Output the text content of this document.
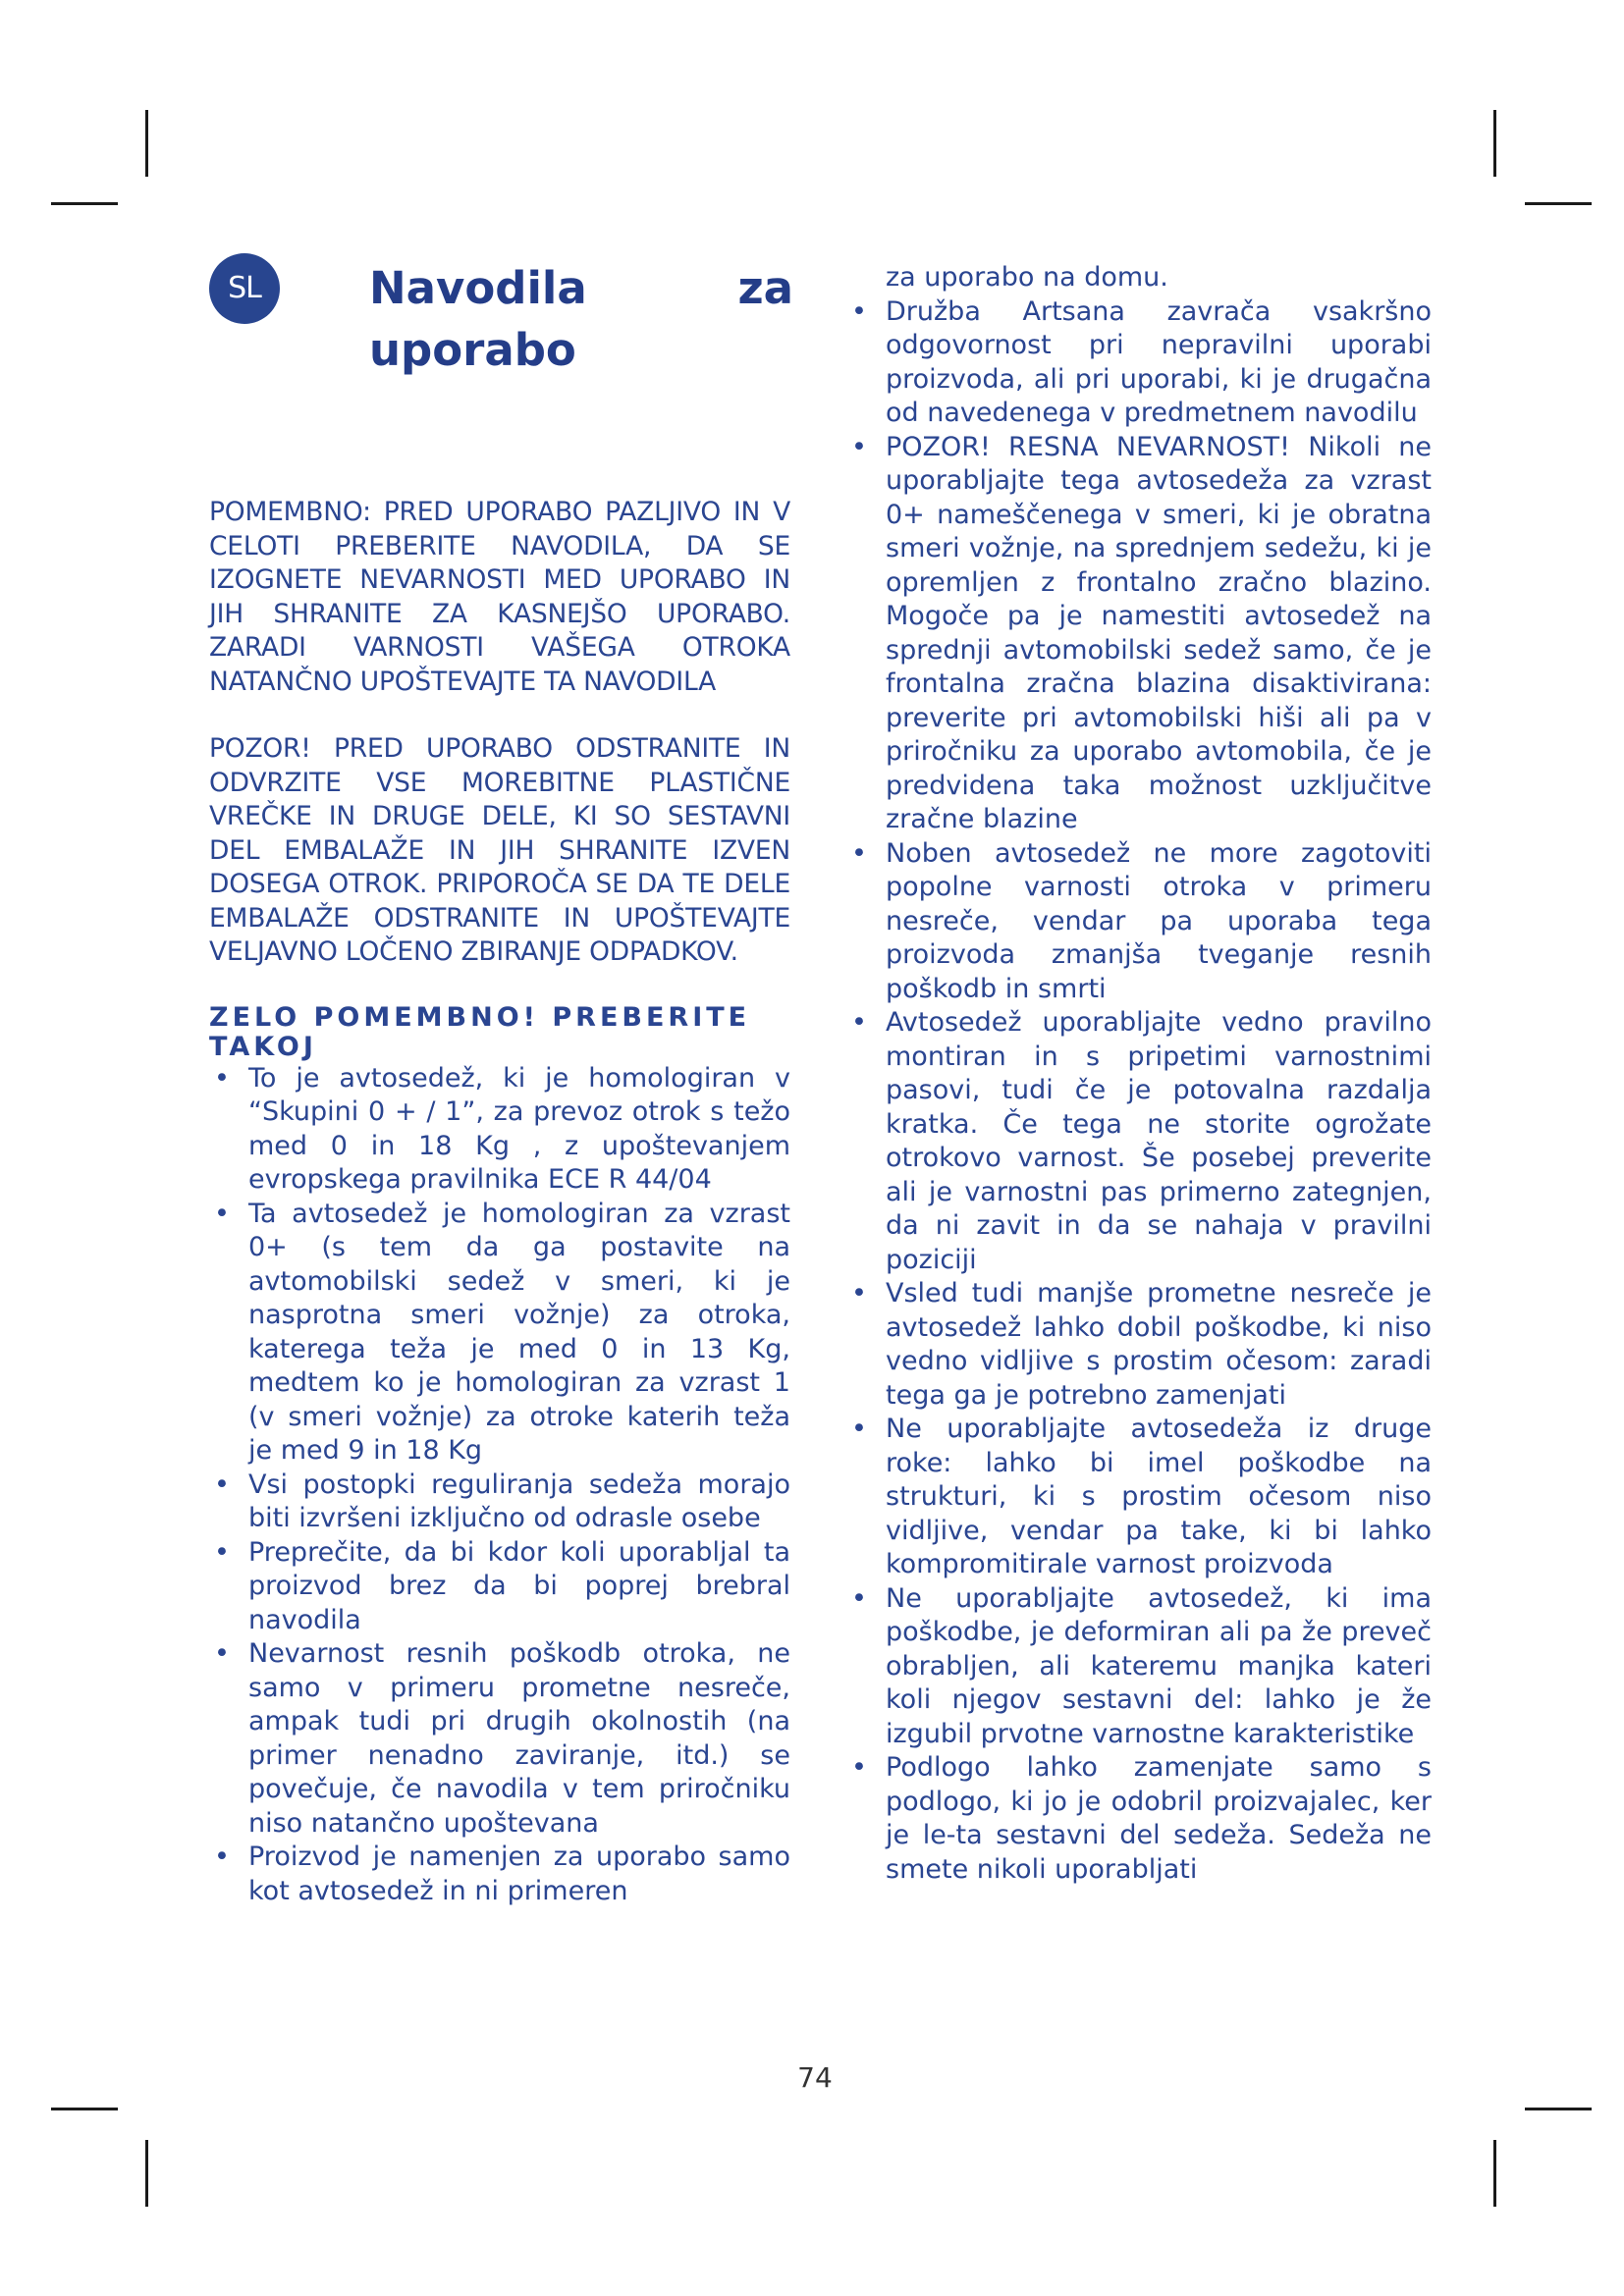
SL	Navodila	za
uporabo

POMEMBNO: PRED UPORABO PAZLJIVO IN V CELOTI PREBERITE NAVODILA, DA SE IZOGNETE NEVARNOSTI MED UPORABO IN JIH SHRANITE ZA KASNEJŠO UPORABO. ZARADI VARNOSTI VAŠEGA OTROKA NATANČNO UPOŠTEVAJTE TA NAVODILA

POZOR! PRED UPORABO ODSTRANITE IN ODVRZITE VSE MOREBITNE PLASTIČNE VREČKE IN DRUGE DELE, KI SO SESTAVNI DEL EMBALAŽE IN JIH SHRANITE IZVEN DOSEGA OTROK. PRIPOROČA SE DA TE DELE EMBALAŽE ODSTRANITE IN UPOŠTEVAJTE VELJAVNO LOČENO ZBIRANJE ODPADKOV.

ZELO POMEMBNO! PREBERITE TAKOJ

• To je avtosedež, ki je homologiran v “Skupini 0 + / 1”, za prevoz otrok s težo med 0 in 18 Kg , z upoštevanjem evropskega pravilnika ECE R 44/04
• Ta avtosedež je homologiran za vzrast 0+ (s tem da ga postavite na avtomobilski sedež v smeri, ki je nasprotna smeri vožnje) za otroka, katerega teža je med 0 in 13 Kg, medtem ko je homologiran za vzrast 1 (v smeri vožnje) za otroke katerih teža je med 9 in 18 Kg
• Vsi postopki reguliranja sedeža morajo biti izvršeni izključno od odrasle osebe
• Preprečite, da bi kdor koli uporabljal ta proizvod brez da bi poprej brebral navodila
• Nevarnost resnih poškodb otroka, ne samo v primeru prometne nesreče, ampak tudi pri drugih okolnostih (na primer nenadno zaviranje, itd.) se povečuje, če navodila v tem priročniku niso natančno upoštevana
• Proizvod je namenjen za uporabo samo kot avtosedež in ni primeren

za uporabo na domu.

• Družba Artsana zavrača vsakršno odgovornost pri nepravilni uporabi proizvoda, ali pri uporabi, ki je drugačna od navedenega v predmetnem navodilu
• POZOR! RESNA NEVARNOST! Nikoli ne uporabljajte tega avtosedeža za vzrast 0+ nameščenega v smeri, ki je obratna smeri vožnje, na sprednjem sedežu, ki je opremljen z frontalno zračno blazino. Mogoče pa je namestiti avtosedež na sprednji avtomobilski sedež samo, če je frontalna zračna blazina disaktivirana: preverite pri avtomobilski hiši ali pa v priročniku za uporabo avtomobila, če je predvidena taka možnost uzključitve zračne blazine
• Noben avtosedež ne more zagotoviti popolne varnosti otroka v primeru nesreče, vendar pa uporaba tega proizvoda zmanjša tveganje resnih poškodb in smrti
• Avtosedež uporabljajte vedno pravilno montiran in s pripetimi varnostnimi pasovi, tudi če je potovalna razdalja kratka. Če tega ne storite ogrožate otrokovo varnost. Še posebej preverite ali je varnostni pas primerno zategnjen, da ni zavit in da se nahaja v pravilni poziciji
• Vsled tudi manjše prometne nesreče je avtosedež lahko dobil poškodbe, ki niso vedno vidljive s prostim očesom: zaradi tega ga je potrebno zamenjati
• Ne uporabljajte avtosedeža iz druge roke: lahko bi imel poškodbe na strukturi, ki s prostim očesom niso vidljive, vendar pa take, ki bi lahko kompromitirale varnost proizvoda
• Ne uporabljajte avtosedež, ki ima poškodbe, je deformiran ali pa že preveč obrabljen, ali kateremu manjka kateri koli njegov sestavni del: lahko je že izgubil prvotne varnostne karakteristike
• Podlogo lahko zamenjate samo s podlogo, ki jo je odobril proizvajalec, ker je le-ta sestavni del sedeža. Sedeža ne smete nikoli uporabljati
74
